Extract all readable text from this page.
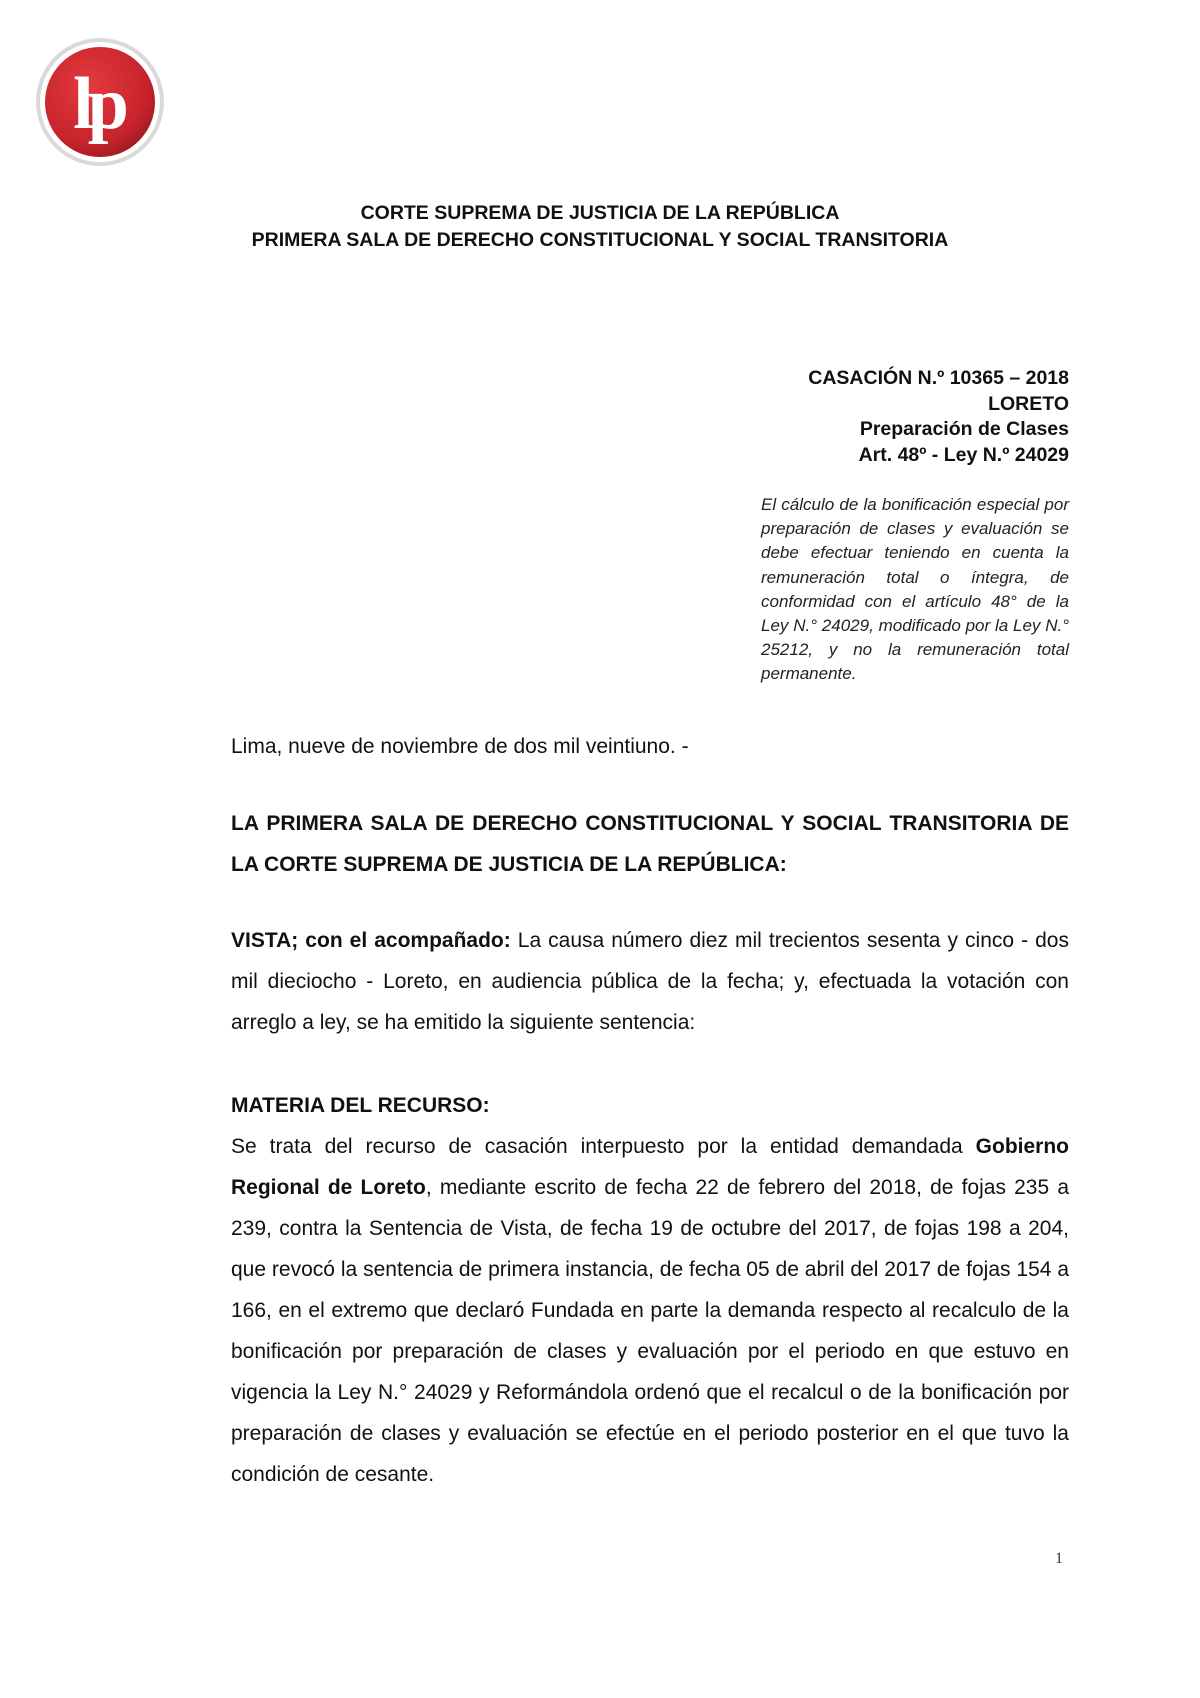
lp
CORTE SUPREMA DE JUSTICIA DE LA REPÚBLICA
PRIMERA SALA DE DERECHO CONSTITUCIONAL Y SOCIAL TRANSITORIA
CASACIÓN N.º 10365 – 2018
LORETO
Preparación de Clases
Art. 48º - Ley N.º 24029
El cálculo de la bonificación especial por preparación de clases y evaluación se debe efectuar teniendo en cuenta la remuneración total o íntegra, de conformidad con el artículo 48° de la Ley N.° 24029, modificado por la Ley N.° 25212, y no la remuneración total permanente.
Lima, nueve de noviembre de dos mil veintiuno. -
LA PRIMERA SALA DE DERECHO CONSTITUCIONAL Y SOCIAL TRANSITORIA DE LA CORTE SUPREMA DE JUSTICIA DE LA REPÚBLICA:
VISTA; con el acompañado: La causa número diez mil trecientos sesenta y cinco - dos mil dieciocho - Loreto, en audiencia pública de la fecha; y, efectuada la votación con arreglo a ley, se ha emitido la siguiente sentencia:
MATERIA DEL RECURSO:
Se trata del recurso de casación interpuesto por la entidad demandada Gobierno Regional de Loreto, mediante escrito de fecha 22 de febrero del 2018, de fojas 235 a 239, contra la Sentencia de Vista, de fecha 19 de octubre del 2017, de fojas 198 a 204, que revocó la sentencia de primera instancia, de fecha 05 de abril del 2017 de fojas 154 a 166, en el extremo que declaró Fundada en parte la demanda respecto al recalculo de la bonificación por preparación de clases y evaluación por el periodo en que estuvo en vigencia la Ley N.° 24029 y Reformándola ordenó que el recalcul o de la bonificación por preparación de clases y evaluación se efectúe en el periodo posterior en el que tuvo la condición de cesante.
1
